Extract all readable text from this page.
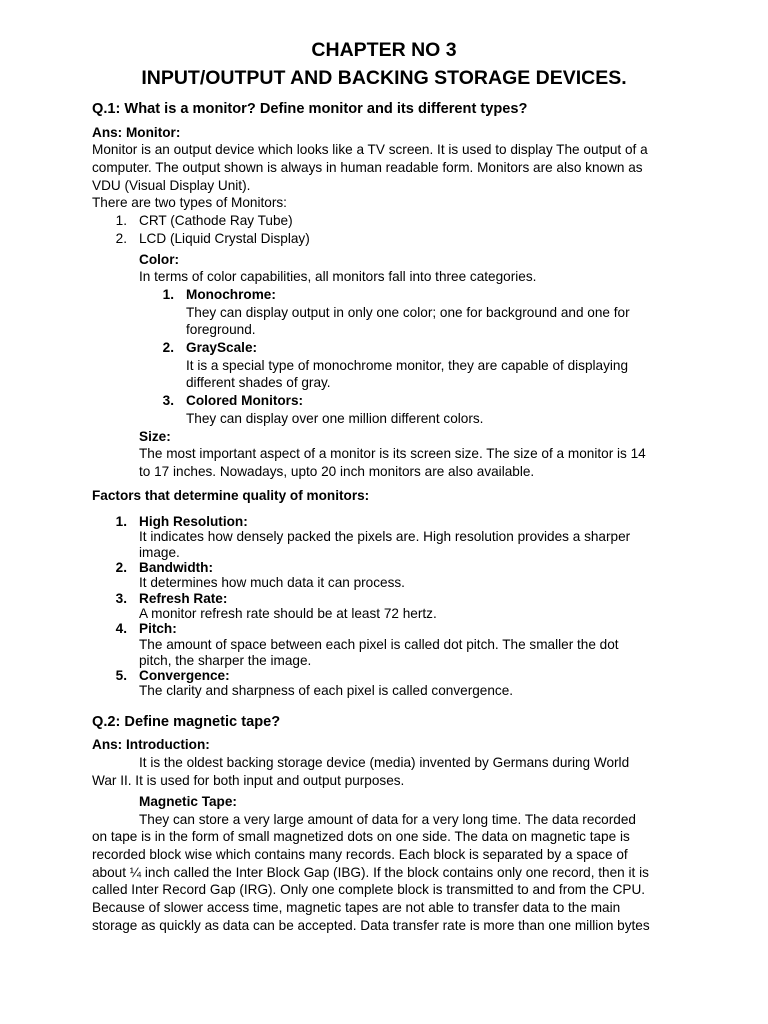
CHAPTER NO 3
INPUT/OUTPUT AND BACKING STORAGE DEVICES.
Q.1: What is a monitor? Define monitor and its different types?
Ans: Monitor:
Monitor is an output device which looks like a TV screen. It is used to display The output of a
computer. The output shown is always in human readable form. Monitors are also known as
VDU (Visual Display Unit).
There are two types of Monitors:
1. CRT (Cathode Ray Tube)
2. LCD (Liquid Crystal Display)
Color:
In terms of color capabilities, all monitors fall into three categories.
1. Monochrome:
They can display output in only one color; one for background and one for
foreground.
2. GrayScale:
It is a special type of monochrome monitor, they are capable of displaying
different shades of gray.
3. Colored Monitors:
They can display over one million different colors.
Size:
The most important aspect of a monitor is its screen size. The size of a monitor is 14
to 17 inches. Nowadays, upto 20 inch monitors are also available.
Factors that determine quality of monitors:
1. High Resolution:
It indicates how densely packed the pixels are. High resolution provides a sharper
image.
2. Bandwidth:
It determines how much data it can process.
3. Refresh Rate:
A monitor refresh rate should be at least 72 hertz.
4. Pitch:
The amount of space between each pixel is called dot pitch. The smaller the dot
pitch, the sharper the image.
5. Convergence:
The clarity and sharpness of each pixel is called convergence.
Q.2: Define magnetic tape?
Ans: Introduction:
It is the oldest backing storage device (media) invented by Germans during World
War II. It is used for both input and output purposes.
Magnetic Tape:
They can store a very large amount of data for a very long time. The data recorded
on tape is in the form of small magnetized dots on one side. The data on magnetic tape is
recorded block wise which contains many records. Each block is separated by a space of
about ¼ inch called the Inter Block Gap (IBG). If the block contains only one record, then it is
called Inter Record Gap (IRG). Only one complete block is transmitted to and from the CPU.
Because of slower access time, magnetic tapes are not able to transfer data to the main
storage as quickly as data can be accepted. Data transfer rate is more than one million bytes
